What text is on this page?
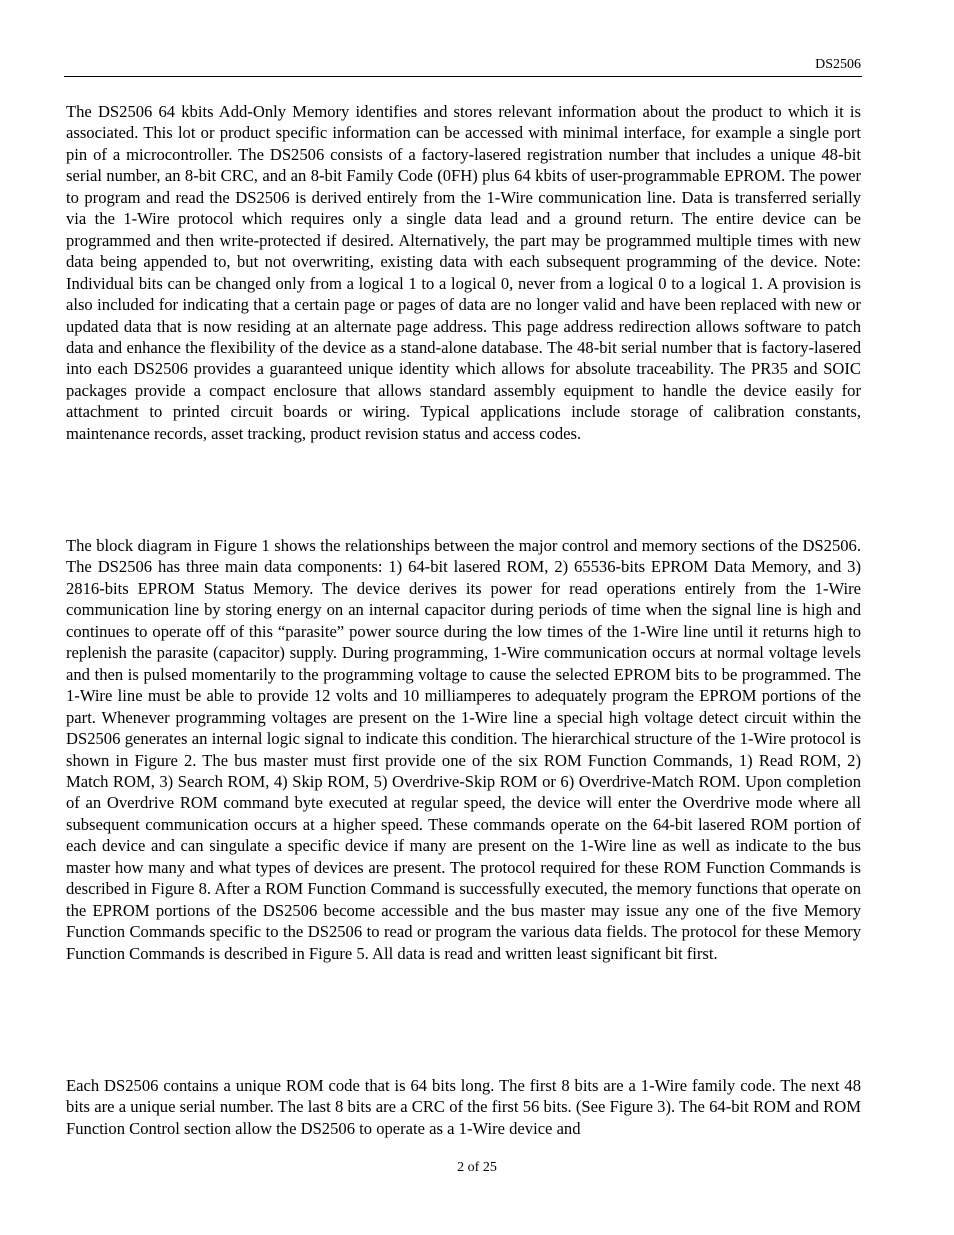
DS2506

The DS2506 64 kbits Add-Only Memory identifies and stores relevant information about the product to which it is associated. This lot or product specific information can be accessed with minimal interface, for example a single port pin of a microcontroller. The DS2506 consists of a factory-lasered registration number that includes a unique 48-bit serial number, an 8-bit CRC, and an 8-bit Family Code (0FH) plus 64 kbits of user-programmable EPROM. The power to program and read the DS2506 is derived entirely from the 1-Wire communication line. Data is transferred serially via the 1-Wire protocol which requires only a single data lead and a ground return. The entire device can be programmed and then write-protected if desired. Alternatively, the part may be programmed multiple times with new data being appended to, but not overwriting, existing data with each subsequent programming of the device. Note: Individual bits can be changed only from a logical 1 to a logical 0, never from a logical 0 to a logical 1. A provision is also included for indicating that a certain page or pages of data are no longer valid and have been replaced with new or updated data that is now residing at an alternate page address. This page address redirection allows software to patch data and enhance the flexibility of the device as a stand-alone database. The 48-bit serial number that is factory-lasered into each DS2506 provides a guaranteed unique identity which allows for absolute traceability. The PR35 and SOIC packages provide a compact enclosure that allows standard assembly equipment to handle the device easily for attachment to printed circuit boards or wiring. Typical applications include storage of calibration constants, maintenance records, asset tracking, product revision status and access codes.

The block diagram in Figure 1 shows the relationships between the major control and memory sections of the DS2506. The DS2506 has three main data components: 1) 64-bit lasered ROM, 2) 65536-bits EPROM Data Memory, and 3) 2816-bits EPROM Status Memory. The device derives its power for read operations entirely from the 1-Wire communication line by storing energy on an internal capacitor during periods of time when the signal line is high and continues to operate off of this “parasite” power source during the low times of the 1-Wire line until it returns high to replenish the parasite (capacitor) supply. During programming, 1-Wire communication occurs at normal voltage levels and then is pulsed momentarily to the programming voltage to cause the selected EPROM bits to be programmed. The 1-Wire line must be able to provide 12 volts and 10 milliamperes to adequately program the EPROM portions of the part. Whenever programming voltages are present on the 1-Wire line a special high voltage detect circuit within the DS2506 generates an internal logic signal to indicate this condition. The hierarchical structure of the 1-Wire protocol is shown in Figure 2. The bus master must first provide one of the six ROM Function Commands, 1) Read ROM, 2) Match ROM, 3) Search ROM, 4) Skip ROM, 5) Overdrive-Skip ROM or 6) Overdrive-Match ROM. Upon completion of an Overdrive ROM command byte executed at regular speed, the device will enter the Overdrive mode where all subsequent communication occurs at a higher speed. These commands operate on the 64-bit lasered ROM portion of each device and can singulate a specific device if many are present on the 1-Wire line as well as indicate to the bus master how many and what types of devices are present. The protocol required for these ROM Function Commands is described in Figure 8. After a ROM Function Command is successfully executed, the memory functions that operate on the EPROM portions of the DS2506 become accessible and the bus master may issue any one of the five Memory Function Commands specific to the DS2506 to read or program the various data fields. The protocol for these Memory Function Commands is described in Figure 5. All data is read and written least significant bit first.

Each DS2506 contains a unique ROM code that is 64 bits long. The first 8 bits are a 1-Wire family code. The next 48 bits are a unique serial number. The last 8 bits are a CRC of the first 56 bits. (See Figure 3). The 64-bit ROM and ROM Function Control section allow the DS2506 to operate as a 1-Wire device and

2 of 25
